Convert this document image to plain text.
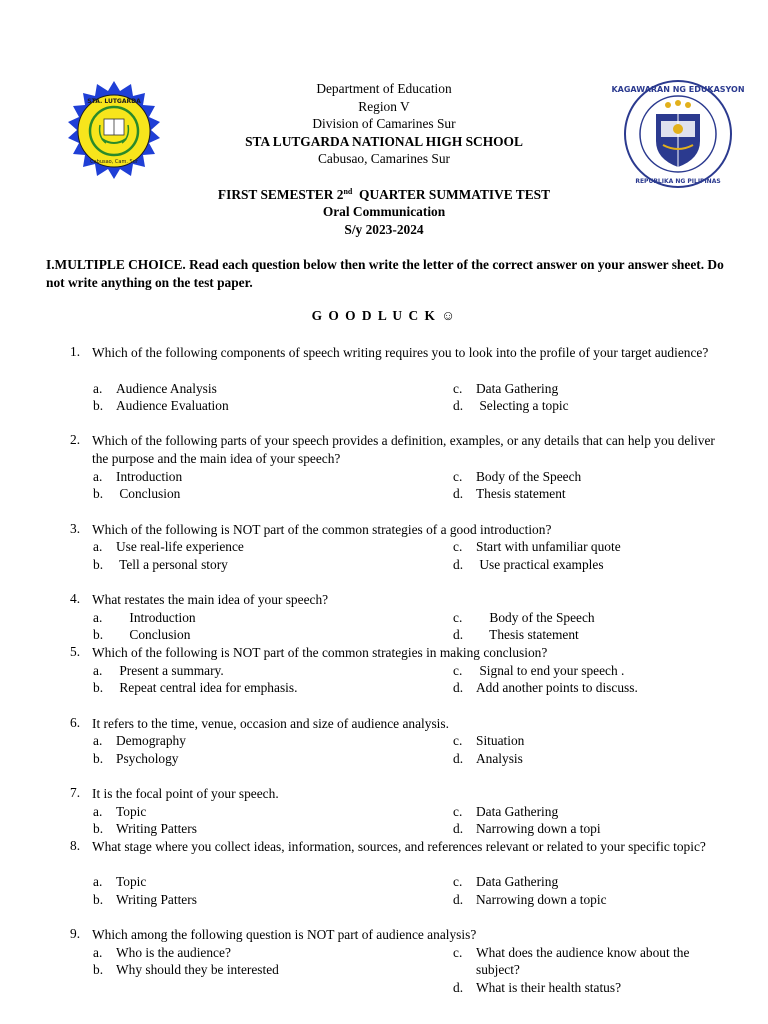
STA. LUTGARDA
Cabusao, Cam. Sur
KAGAWARAN NG EDUKASYON
REPUBLIKA NG PILIPINAS
Department of Education
Region V
Division of Camarines Sur
STA LUTGARDA NATIONAL HIGH SCHOOL
Cabusao, Camarines Sur
FIRST SEMESTER 2nd  QUARTER SUMMATIVE TEST
Oral Communication
S/y 2023-2024
I.MULTIPLE CHOICE. Read each question below then write the letter of the correct answer on your answer sheet. Do not write anything on the test paper.
G O O D L U C K ☺
1. Which of the following components of speech writing requires you to look into the profile of your target audience?
a. Audience Analysis
b. Audience Evaluation
c. Data Gathering
d. Selecting a topic
2. Which of the following parts of your speech provides a definition, examples, or any details that can help you deliver the purpose and the main idea of your speech?
a. Introduction
b. Conclusion
c. Body of the Speech
d. Thesis statement
3. Which of the following is NOT part of the common strategies of a good introduction?
a. Use real-life experience
b. Tell a personal story
c. Start with unfamiliar quote
d. Use practical examples
4. What restates the main idea of your speech?
a.    Introduction
b.    Conclusion
c.    Body of the Speech
d.    Thesis statement
5. Which of the following is NOT part of the common strategies in making conclusion?
a. Present a summary.
b. Repeat central idea for emphasis.
c. Signal to end your speech .
d. Add another points to discuss.
6. It refers to the time, venue, occasion and size of audience analysis.
a. Demography
b. Psychology
c. Situation
d. Analysis
7. It is the focal point of your speech.
a. Topic
b. Writing Patters
c. Data Gathering
d. Narrowing down a topi
8. What stage where you collect ideas, information, sources, and references relevant or related to your specific topic?
a. Topic
b. Writing Patters
c. Data Gathering
d. Narrowing down a topic
9. Which among the following question is NOT part of audience analysis?
a. Who is the audience?
b. Why should they be interested
c.	What does the audience know about the subject?
d. What is their health status?
